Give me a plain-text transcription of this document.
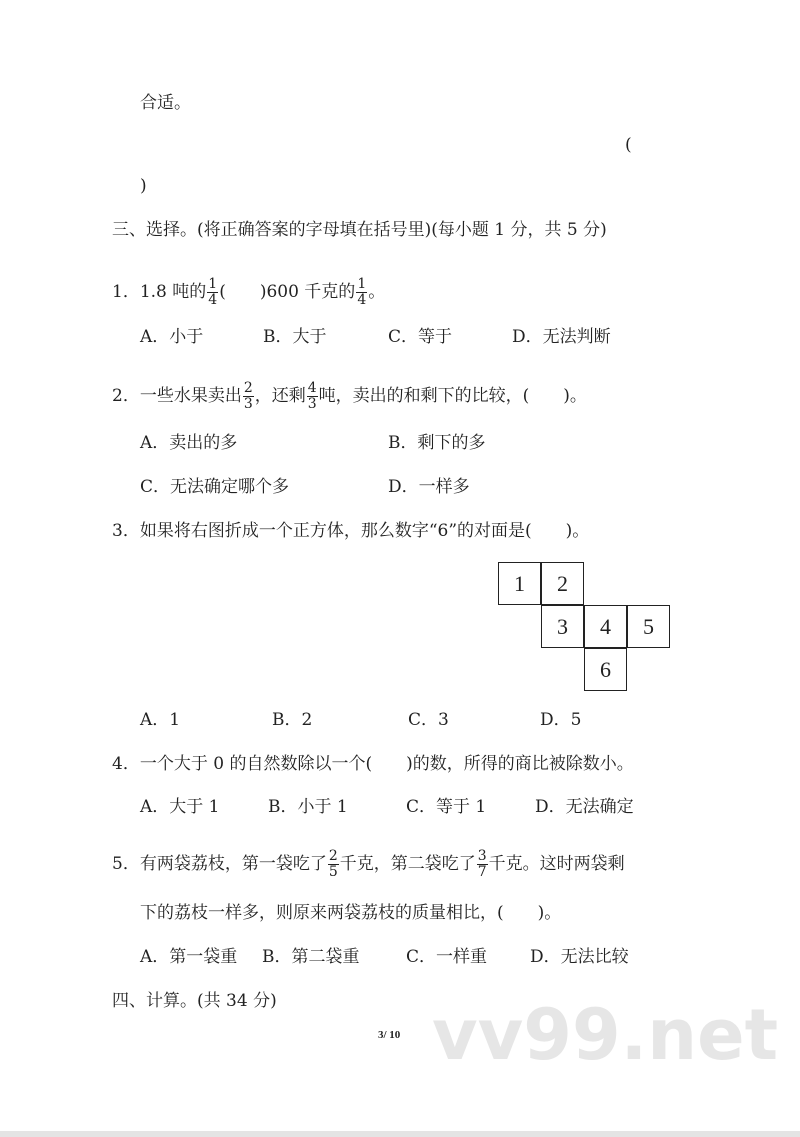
合适。
(
)
三、选择。(将正确答案的字母填在括号里)(每小题 1 分，共 5 分)
1．1.8 吨的 $\frac{1}{4}$ (　　)600 千克的 $\frac{1}{4}$ 。
A．小于	B．大于	C．等于	D．无法判断
2．一些水果卖出 $\frac{2}{3}$ ，还剩 $\frac{4}{3}$ 吨，卖出的和剩下的比较，(　　)。
A．卖出的多	B．剩下的多
C．无法确定哪个多	D．一样多
3．如果将右图折成一个正方体，那么数字“6”的对面是(　　)。
1	2
3	4	5
6
A．1	B．2	C．3	D．5
4．一个大于 0 的自然数除以一个(　　)的数，所得的商比被除数小。
A．大于 1	B．小于 1	C．等于 1	D．无法确定
5．有两袋荔枝，第一袋吃了 $\frac{2}{5}$ 千克，第二袋吃了 $\frac{3}{7}$ 千克。这时两袋剩
下的荔枝一样多，则原来两袋荔枝的质量相比，(　　)。
A．第一袋重 B．第二袋重	C．一样重	D．无法比较
四、计算。(共 34 分) vv99.net
3/ 10
